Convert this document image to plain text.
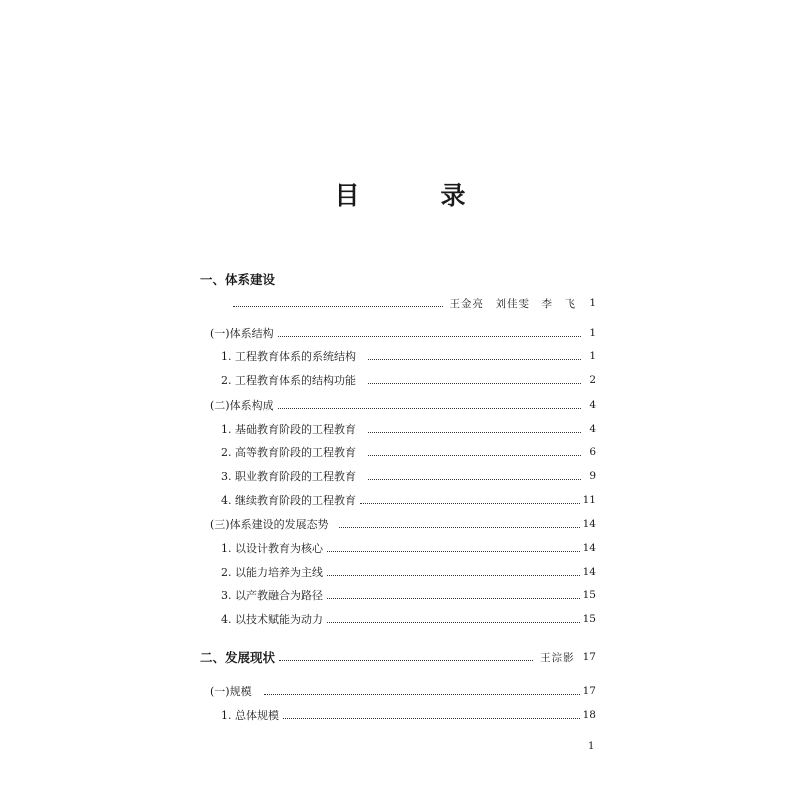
目　录
一、体系建设
王金亮　刘佳雯　李　飞	1
(一)体系结构	1
1. 工程教育体系的系统结构	1
2. 工程教育体系的结构功能	2
(二)体系构成	4
1. 基础教育阶段的工程教育	4
2. 高等教育阶段的工程教育	6
3. 职业教育阶段的工程教育	9
4. 继续教育阶段的工程教育	11
(三)体系建设的发展态势	14
1. 以设计教育为核心	14
2. 以能力培养为主线	14
3. 以产教融合为路径	15
4. 以技术赋能为动力	15
二、发展现状	王淙影 17
(一)规模	17
1. 总体规模	18
1
